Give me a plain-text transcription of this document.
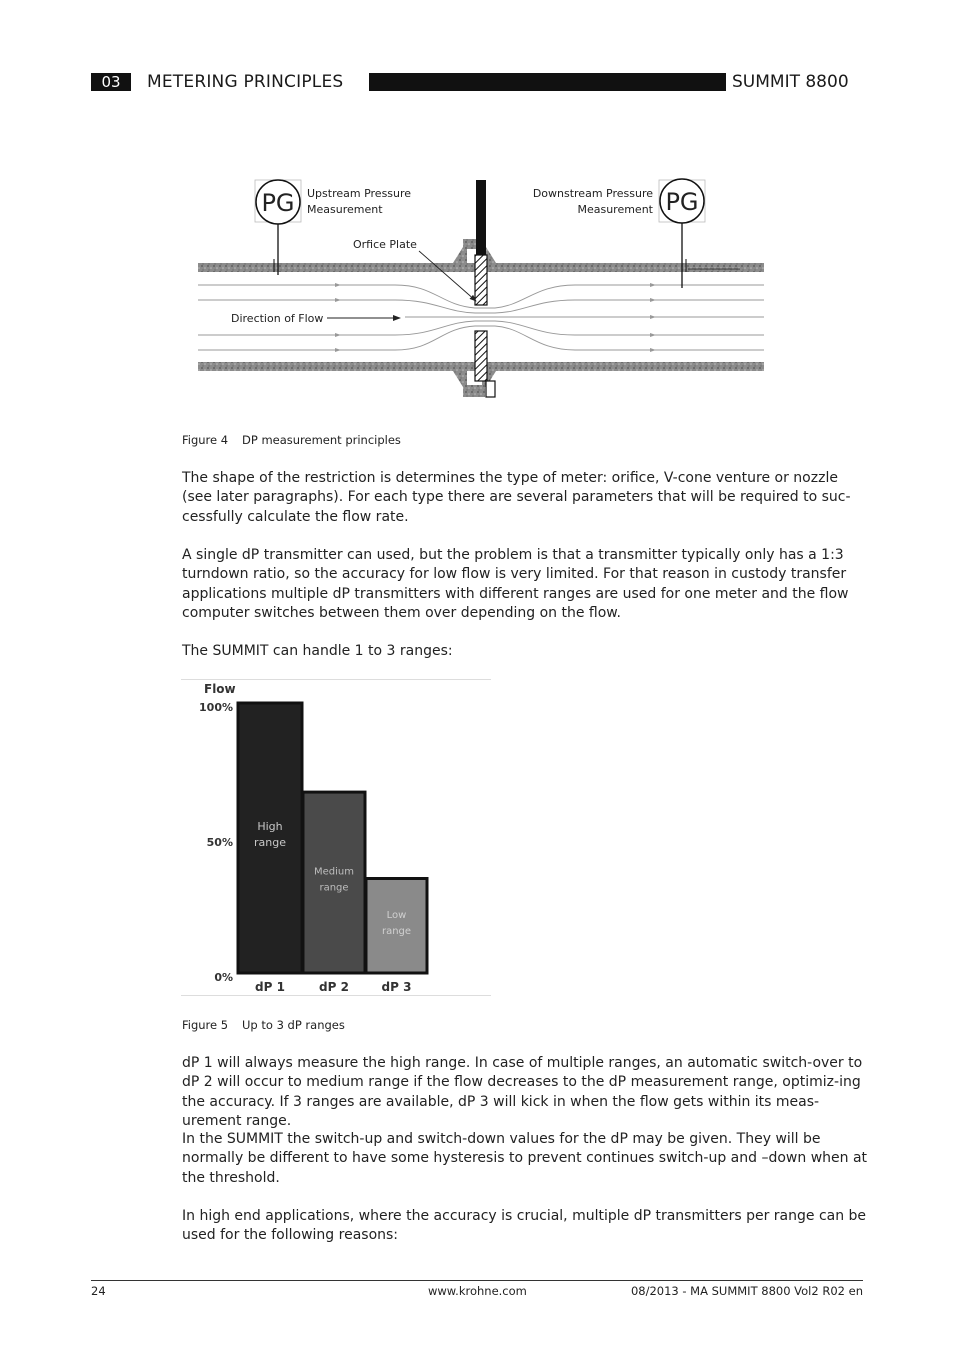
03	METERING PRINCIPLES	SUMMIT 8800
PG	PG
Upstream Pressure
Measurement
Downstream Pressure
Measurement
Orfice Plate
Direction of Flow
Figure 4 DP measurement principles

The shape of the restriction is determines the type of meter: orifice, V-cone venture or nozzle (see later paragraphs). For each type there are several parameters that will be required to suc-cessfully calculate the flow rate.

A single dP transmitter can used, but the problem is that a transmitter typically only has a 1:3 turndown ratio, so the accuracy for low flow is very limited. For that reason in custody transfer applications multiple dP transmitters with different ranges are used for one meter and the flow computer switches between them over depending on the flow.

The SUMMIT can handle 1 to 3 ranges:

Flow
100%
50%
0%
High
range
Medium
range
Low
range
dP 1	dP 2	dP 3
Figure 5 Up to 3 dP ranges

dP 1 will always measure the high range. In case of multiple ranges, an automatic switch-over to dP 2 will occur to medium range if the flow decreases to the dP measurement range, optimiz-ing the accuracy. If 3 ranges are available, dP 3 will kick in when the flow gets within its meas-urement range.

In the SUMMIT the switch-up and switch-down values for the dP may be given. They will be normally be different to have some hysteresis to prevent continues switch-up and –down when at the threshold.

In high end applications, where the accuracy is crucial, multiple dP transmitters per range can be used for the following reasons:

24	www.krohne.com	08/2013 - MA SUMMIT 8800 Vol2 R02 en
